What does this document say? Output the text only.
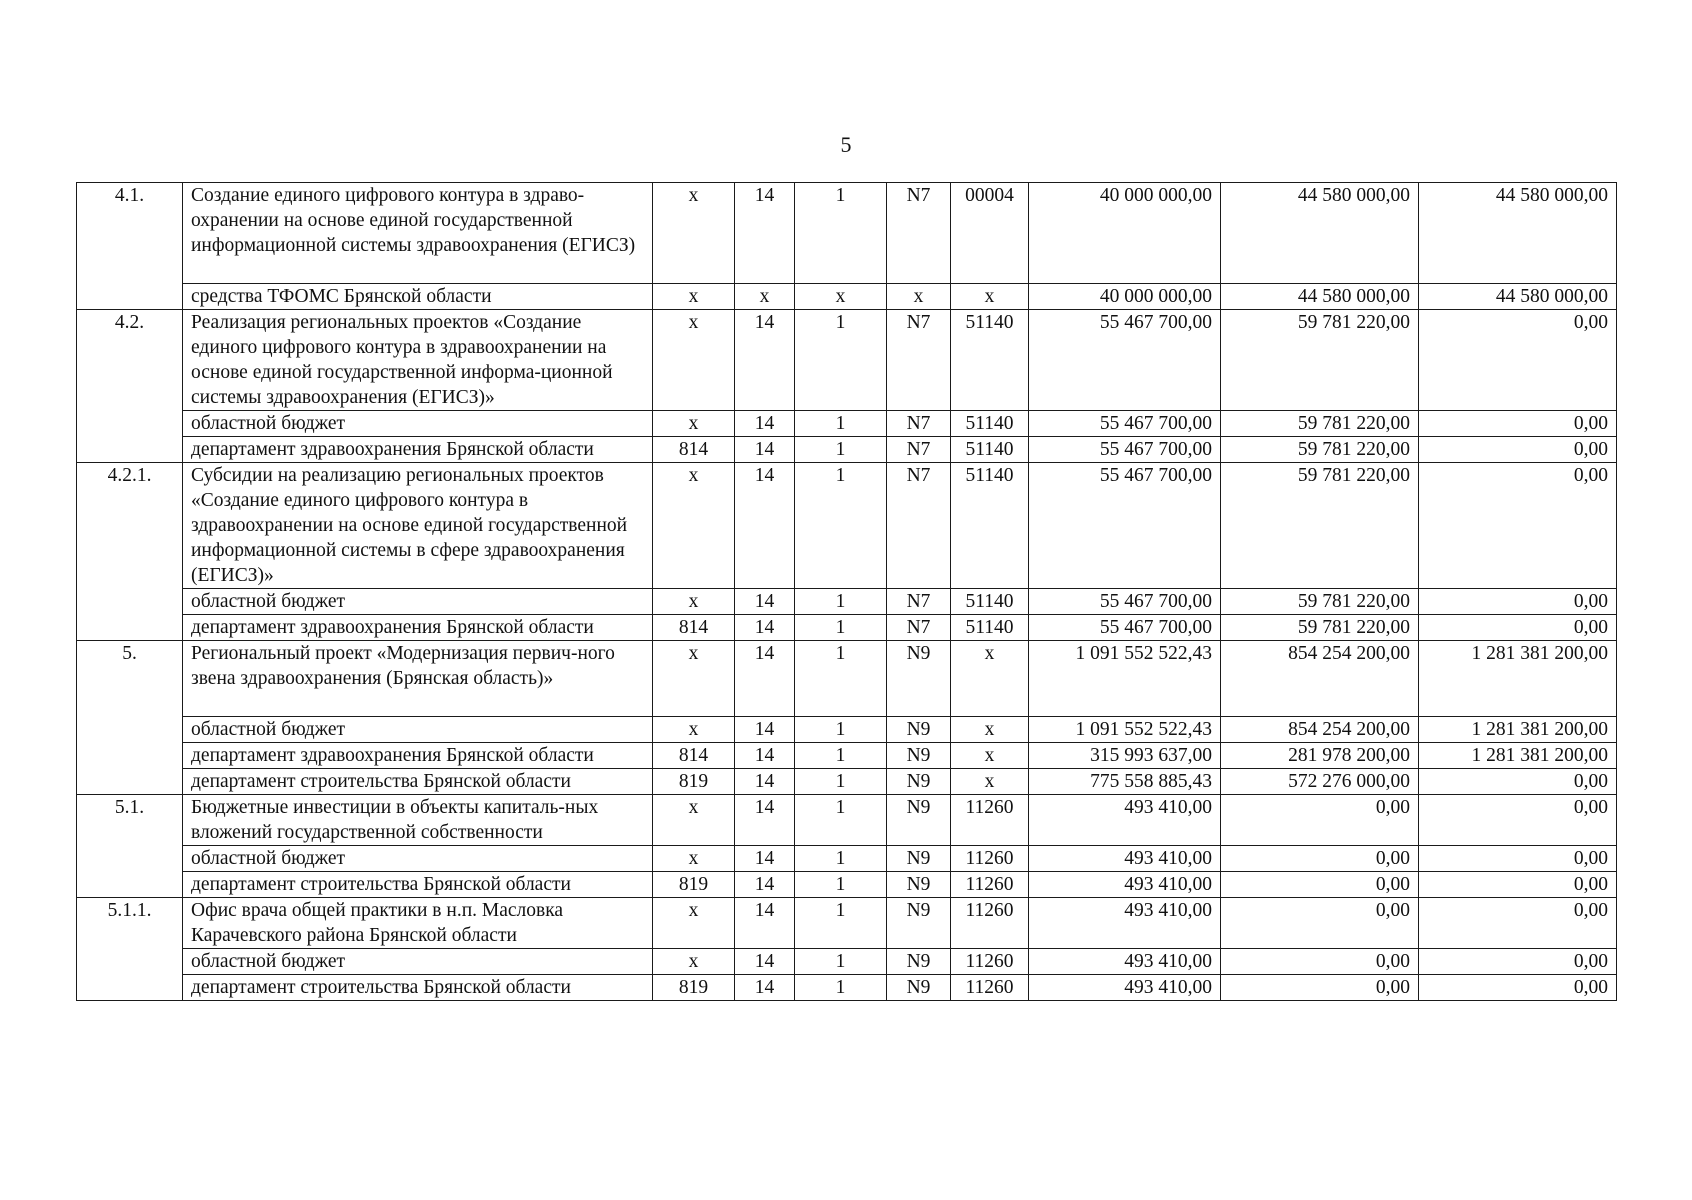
5
4.1.	Создание единого цифрового контура в здраво-охранении на основе единой государственной информационной системы здравоохранения (ЕГИСЗ)	х	14	1	N7	00004	40 000 000,00	44 580 000,00	44 580 000,00
	средства ТФОМС Брянской области	х	х	х	х	х	40 000 000,00	44 580 000,00	44 580 000,00
4.2.	Реализация региональных проектов «Создание единого цифрового контура в здравоохранении на основе единой государственной информа-ционной системы здравоохранения (ЕГИСЗ)»	х	14	1	N7	51140	55 467 700,00	59 781 220,00	0,00
	областной бюджет	х	14	1	N7	51140	55 467 700,00	59 781 220,00	0,00
	департамент здравоохранения Брянской области	814	14	1	N7	51140	55 467 700,00	59 781 220,00	0,00
4.2.1.	Субсидии на реализацию региональных проектов «Создание единого цифрового контура в здравоохранении на основе единой государственной информационной системы в сфере здравоохранения (ЕГИСЗ)»	х	14	1	N7	51140	55 467 700,00	59 781 220,00	0,00
	областной бюджет	х	14	1	N7	51140	55 467 700,00	59 781 220,00	0,00
	департамент здравоохранения Брянской области	814	14	1	N7	51140	55 467 700,00	59 781 220,00	0,00
5.	Региональный проект «Модернизация первич-ного звена здравоохранения (Брянская область)»	х	14	1	N9	х	1 091 552 522,43	854 254 200,00	1 281 381 200,00
	областной бюджет	х	14	1	N9	х	1 091 552 522,43	854 254 200,00	1 281 381 200,00
	департамент здравоохранения Брянской области	814	14	1	N9	х	315 993 637,00	281 978 200,00	1 281 381 200,00
	департамент строительства Брянской области	819	14	1	N9	х	775 558 885,43	572 276 000,00	0,00
5.1.	Бюджетные инвестиции в объекты капиталь-ных вложений государственной собственности	х	14	1	N9	11260	493 410,00	0,00	0,00
	областной бюджет	х	14	1	N9	11260	493 410,00	0,00	0,00
	департамент строительства Брянской области	819	14	1	N9	11260	493 410,00	0,00	0,00
5.1.1.	Офис врача общей практики в н.п. Масловка Карачевского района Брянской области	х	14	1	N9	11260	493 410,00	0,00	0,00
	областной бюджет	х	14	1	N9	11260	493 410,00	0,00	0,00
	департамент строительства Брянской области	819	14	1	N9	11260	493 410,00	0,00	0,00
